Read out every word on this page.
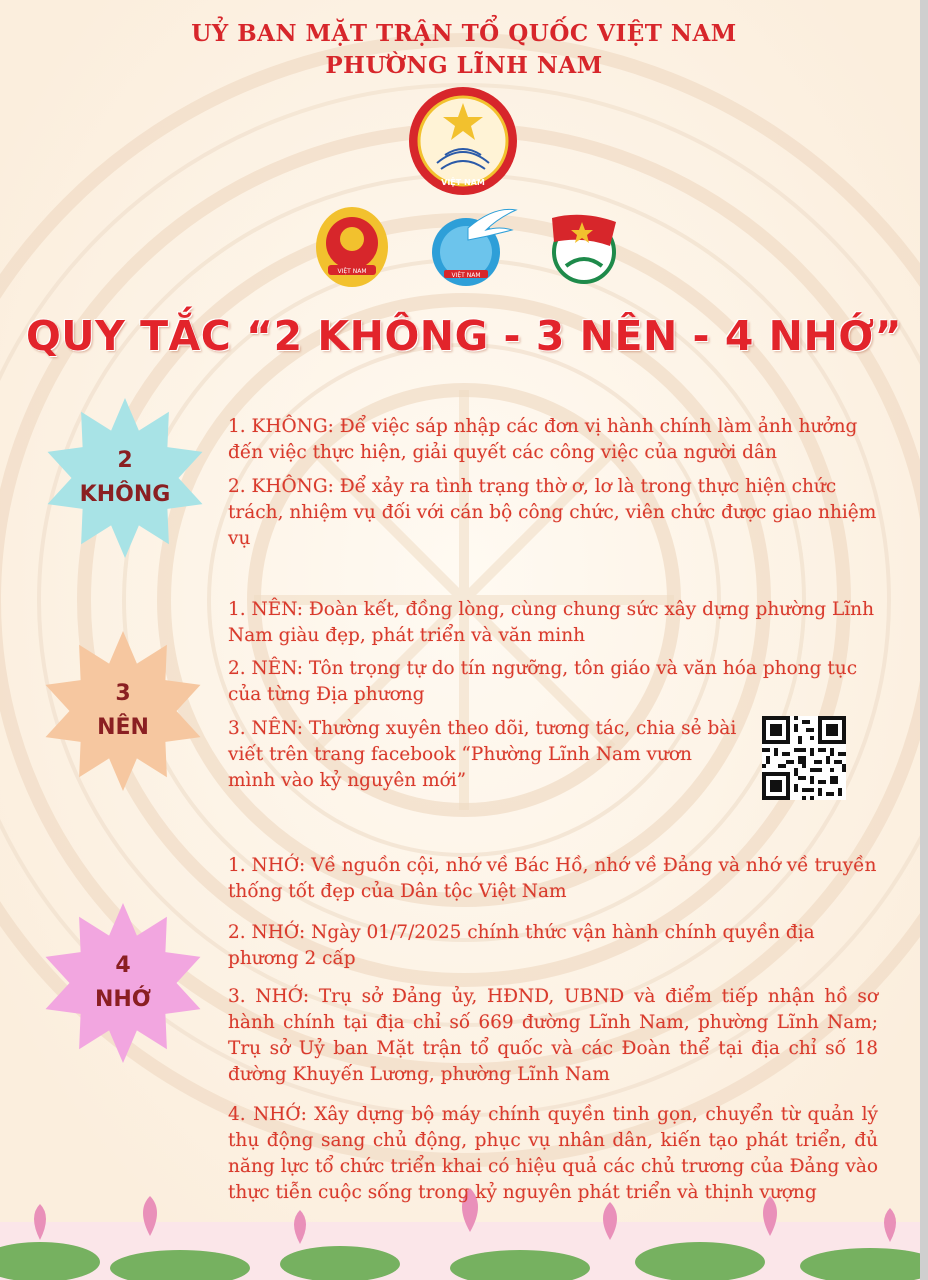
UỶ BAN MẶT TRẬN TỔ QUỐC VIỆT NAM
PHƯỜNG LĨNH NAM
VIỆT NAM
VIỆT NAM
VIỆT NAM
QUY TẮC “2 KHÔNG - 3 NÊN - 4 NHỚ”
2
KHÔNG

1. KHÔNG: Để việc sáp nhập các đơn vị hành chính làm ảnh hưởng đến việc thực hiện, giải quyết các công việc của người dân

2. KHÔNG: Để xảy ra tình trạng thờ ơ, lơ là trong thực hiện chức trách, nhiệm vụ đối với cán bộ công chức, viên chức được giao nhiệm vụ

3
NÊN

1. NÊN: Đoàn kết, đồng lòng, cùng chung sức xây dựng phường Lĩnh Nam giàu đẹp, phát triển và văn minh

2. NÊN: Tôn trọng tự do tín ngưỡng, tôn giáo và văn hóa phong tục của từng Địa phương

3. NÊN: Thường xuyên theo dõi, tương tác, chia sẻ bài viết trên trang facebook “Phường Lĩnh Nam vươn mình vào kỷ nguyên mới”

4
NHỚ

1. NHỚ: Về nguồn cội, nhớ về Bác Hồ, nhớ về Đảng và nhớ về truyền thống tốt đẹp của Dân tộc Việt Nam

2. NHỚ: Ngày 01/7/2025 chính thức vận hành chính quyền địa phương 2 cấp

3. NHỚ: Trụ sở Đảng ủy, HĐND, UBND và điểm tiếp nhận hồ sơ hành chính tại địa chỉ số 669 đường Lĩnh Nam, phường Lĩnh Nam; Trụ sở Uỷ ban Mặt trận tổ quốc và các Đoàn thể tại địa chỉ số 18 đường Khuyến Lương, phường Lĩnh Nam

4. NHỚ: Xây dựng bộ máy chính quyền tinh gọn, chuyển từ quản lý thụ động sang chủ động, phục vụ nhân dân, kiến tạo phát triển, đủ năng lực tổ chức triển khai có hiệu quả các chủ trương của Đảng vào thực tiễn cuộc sống trong kỷ nguyên phát triển và thịnh vượng
